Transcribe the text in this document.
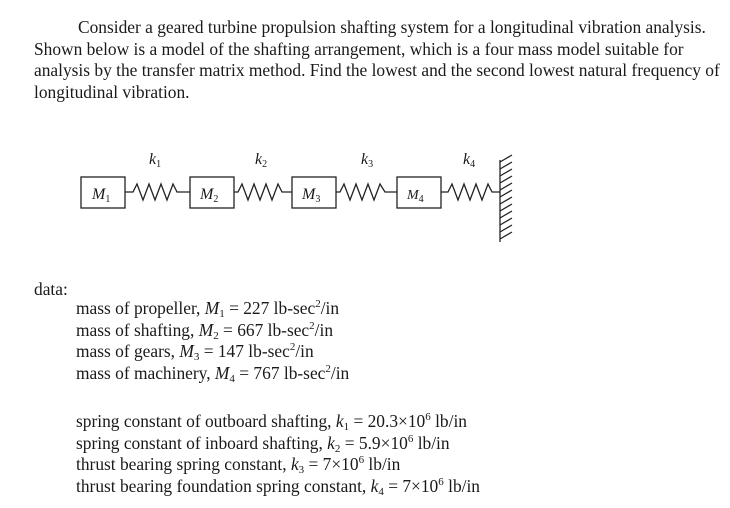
Consider a geared turbine propulsion shafting system for a longitudinal vibration analysis. Shown below is a model of the shafting arrangement, which is a four mass model suitable for analysis by the transfer matrix method. Find the lowest and the second lowest natural frequency of longitudinal vibration.

M1	M2	M3	$M_4$
k1	k2	k3	k4
data:
mass of propeller, $M_1 = 227$ $lb-\sec^2/in$
mass of shafting, $M_2 = 667$ $lb-\sec^2/in$
mass of gears, $M_3 = 147$ $lb-\sec^2/in$
mass of machinery, $M_4 = 767$ $lb-\sec^2/in$
spring constant of outboard shafting, $k_1 = 20.3\times 10^6$ lb/in
spring constant of inboard shafting, $k_2 = 5.9\times 10^6$ lb/in
thrust bearing spring constant, $k_3 = 7\times 10^6$ lb/in
thrust bearing foundation spring constant, $k_4 = 7\times 10^6$ lb/in
